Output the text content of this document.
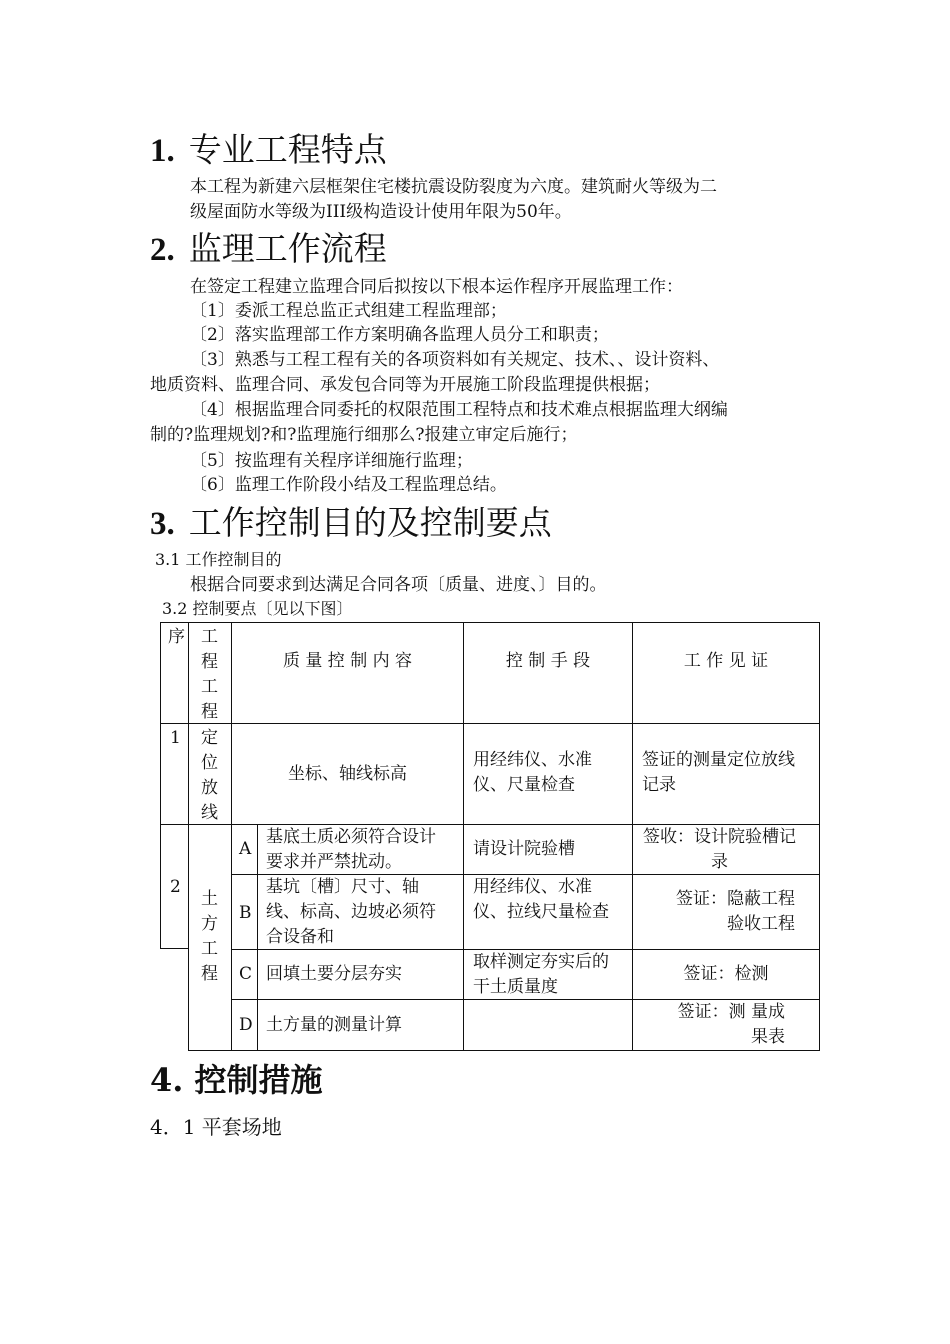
1. 专业工程特点
本工程为新建六层框架住宅楼抗震设防裂度为六度。建筑耐火等级为二
级屋面防水等级为III级构造设计使用年限为50年。
2. 监理工作流程
在签定工程建立监理合同后拟按以下根本运作程序开展监理工作：
〔1〕委派工程总监正式组建工程监理部；
〔2〕落实监理部工作方案明确各监理人员分工和职责；
〔3〕熟悉与工程工程有关的各项资料如有关规定、技术、、设计资料、
地质资料、监理合同、承发包合同等为开展施工阶段监理提供根据；
〔4〕根据监理合同委托的权限范围工程特点和技术难点根据监理大纲编
制的?监理规划?和?监理施行细那么?报建立审定后施行；
〔5〕按监理有关程序详细施行监理；
〔6〕监理工作阶段小结及工程监理总结。
3. 工作控制目的及控制要点
3.1 工作控制目的
根据合同要求到达满足合同各项〔质量、进度、〕目的。
3.2 控制要点〔见以下图〕
序 工程工程
质 量 控 制 内 容	控 制 手 段	工 作 见 证
1 定位放线
坐标、轴线标高
用经纬仪、水准仪、尺量检查
签证的测量定位放线记录
2
土方工程
A
基底土质必须符合设计要求并严禁扰动。
请设计院验槽
签收：设计院验槽记录
B
基坑〔槽〕尺寸、轴线、标高、边坡必须符合设备和
用经纬仪、水准仪、拉线尺量检查
签证：隐蔽工程验收工程
C 回填土要分层夯实
取样测定夯实后的干土质量度
签证：检测
D 土方量的测量计算
签证：测 量成果表
4. 控制措施
4．1 平套场地
